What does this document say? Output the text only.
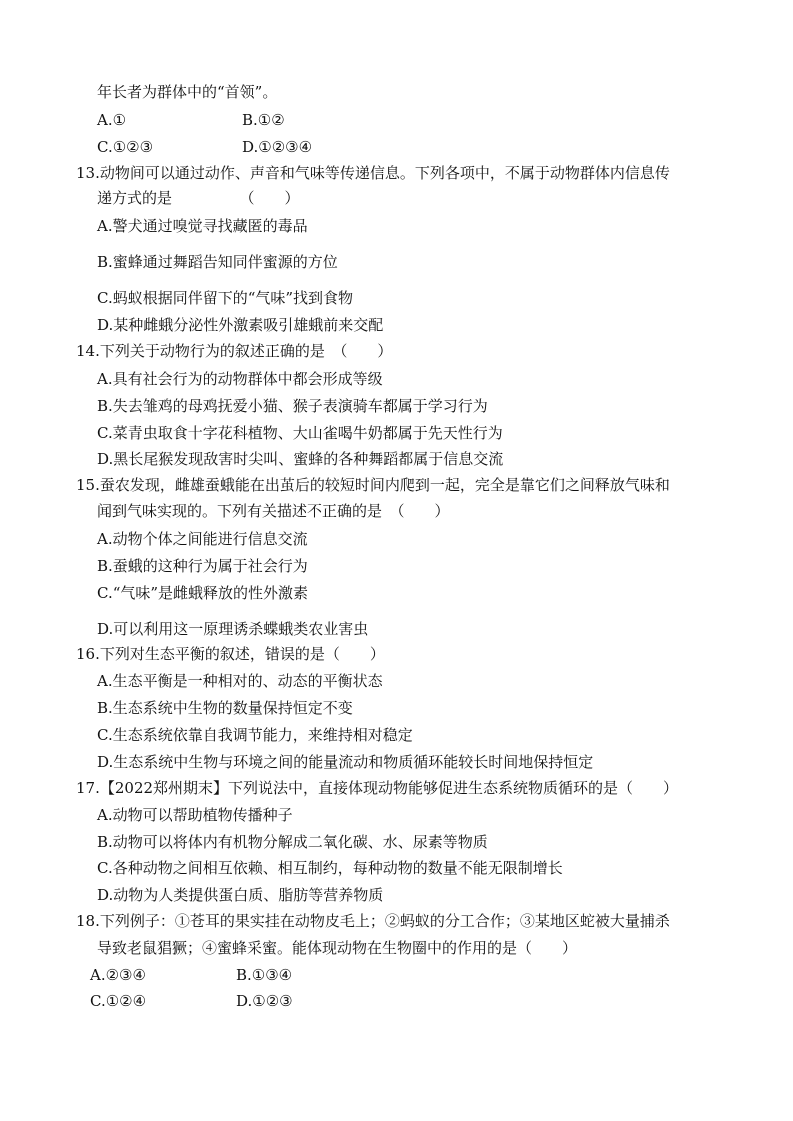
年长者为群体中的“首领”。
A.①	B.①②
C.①②③	D.①②③④
13.动物间可以通过动作、声音和气味等传递信息。下列各项中，不属于动物群体内信息传
递方式的是　　　　　（　　）
A.警犬通过嗅觉寻找藏匿的毒品
B.蜜蜂通过舞蹈告知同伴蜜源的方位
C.蚂蚁根据同伴留下的“气味”找到食物
D.某种雌蛾分泌性外激素吸引雄蛾前来交配
14.下列关于动物行为的叙述正确的是　（　　）
A.具有社会行为的动物群体中都会形成等级
B.失去雏鸡的母鸡抚爱小猫、猴子表演骑车都属于学习行为
C.菜青虫取食十字花科植物、大山雀喝牛奶都属于先天性行为
D.黑长尾猴发现敌害时尖叫、蜜蜂的各种舞蹈都属于信息交流
15.蚕农发现，雌雄蚕蛾能在出茧后的较短时间内爬到一起，完全是靠它们之间释放气味和
闻到气味实现的。下列有关描述不正确的是　（　　）
A.动物个体之间能进行信息交流
B.蚕蛾的这种行为属于社会行为
C.“气味”是雌蛾释放的性外激素
D.可以利用这一原理诱杀蝶蛾类农业害虫
16.下列对生态平衡的叙述，错误的是（　　）
A.生态平衡是一种相对的、动态的平衡状态
B.生态系统中生物的数量保持恒定不变
C.生态系统依靠自我调节能力，来维持相对稳定
D.生态系统中生物与环境之间的能量流动和物质循环能较长时间地保持恒定
17.【2022郑州期末】下列说法中，直接体现动物能够促进生态系统物质循环的是（　　）
A.动物可以帮助植物传播种子
B.动物可以将体内有机物分解成二氧化碳、水、尿素等物质
C.各种动物之间相互依赖、相互制约，每种动物的数量不能无限制增长
D.动物为人类提供蛋白质、脂肪等营养物质
18.下列例子：①苍耳的果实挂在动物皮毛上；②蚂蚁的分工合作；③某地区蛇被大量捕杀
导致老鼠猖獗；④蜜蜂采蜜。能体现动物在生物圈中的作用的是（　　）
A.②③④	B.①③④
C.①②④	D.①②③
